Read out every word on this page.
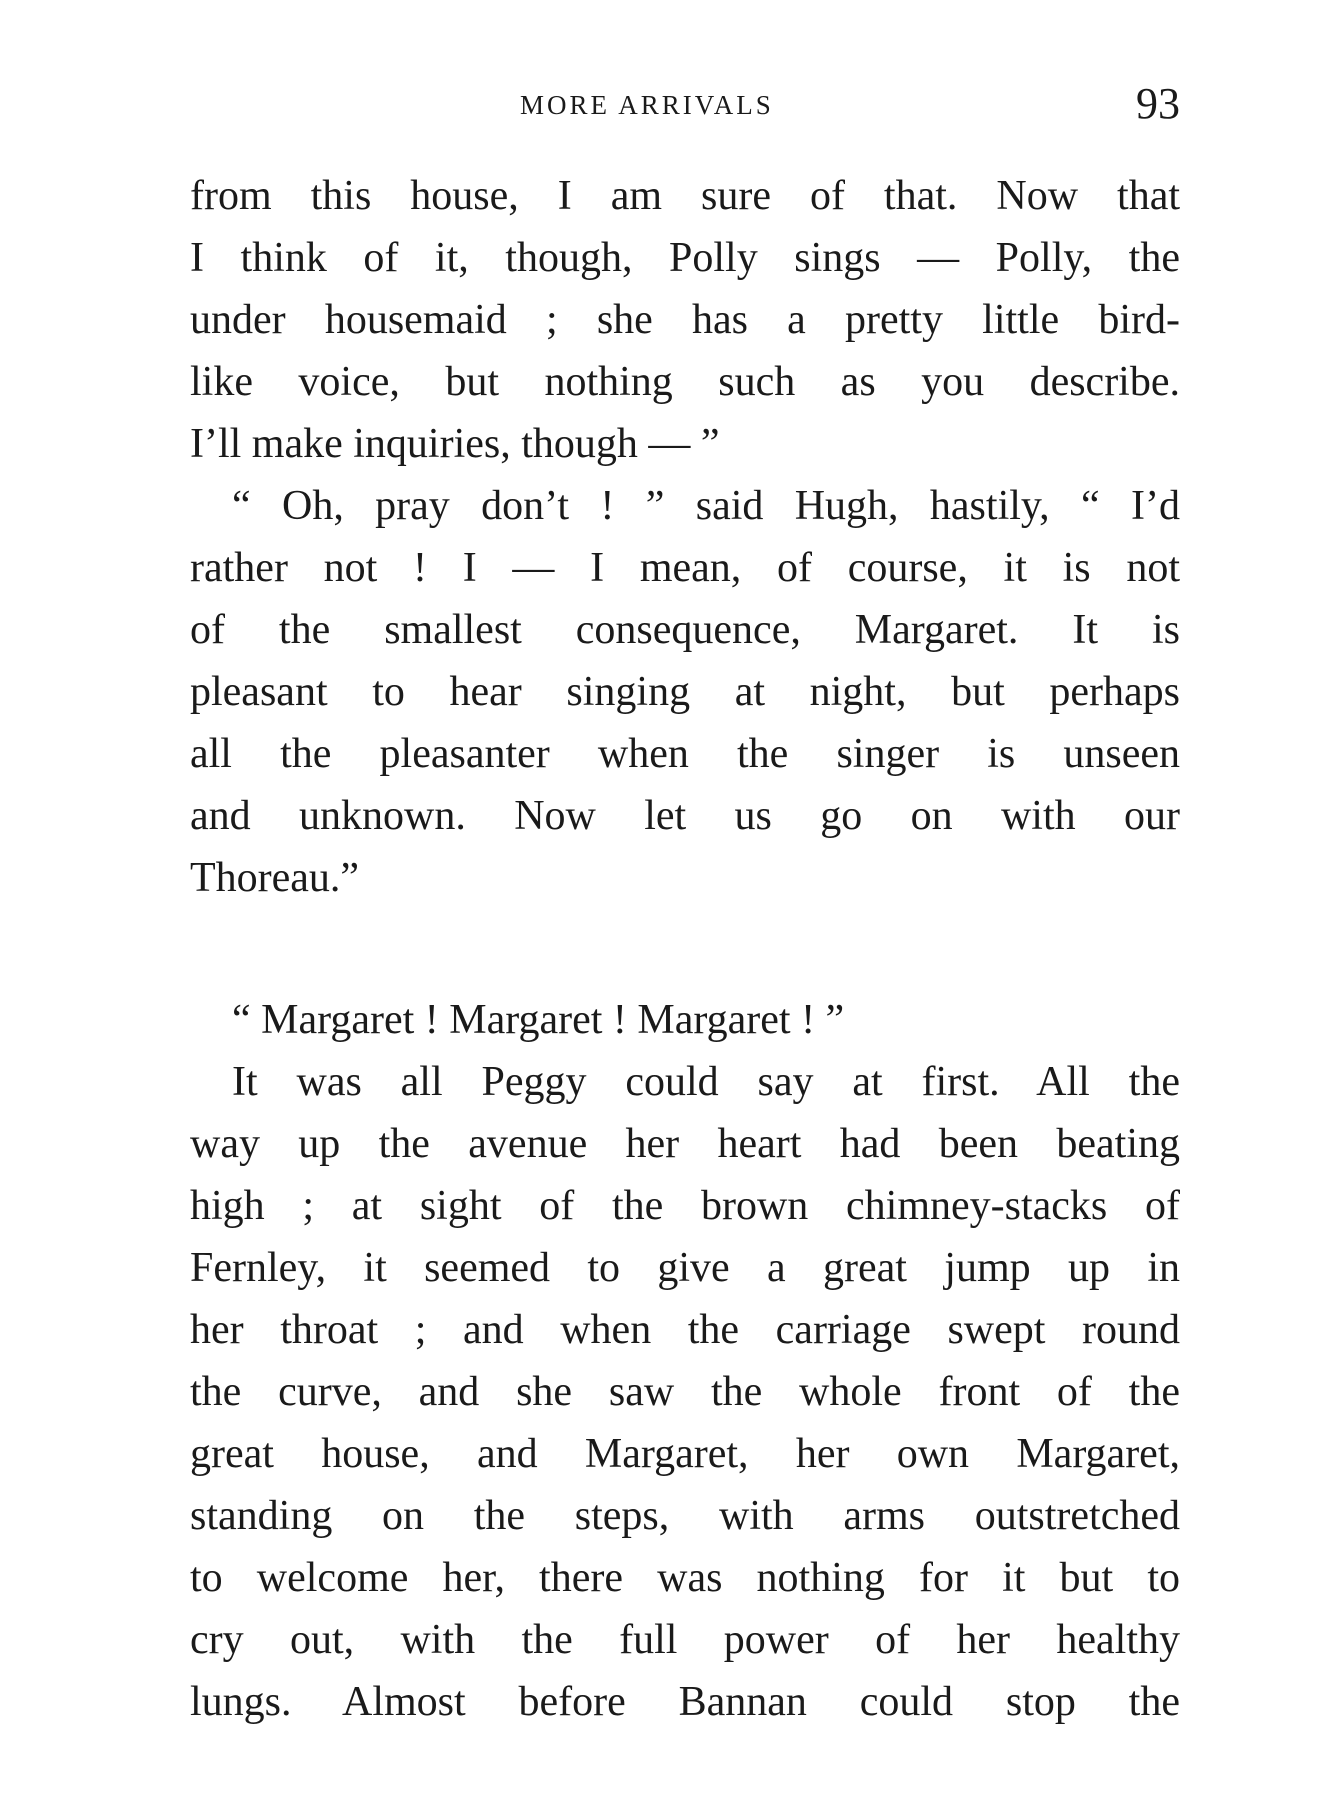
MORE ARRIVALS	93
from this house, I am sure of that. Now that
I think of it, though, Polly sings — Polly, the
under housemaid ; she has a pretty little bird-
like voice, but nothing such as you describe.
I’ll make inquiries, though — ”
“ Oh, pray don’t ! ” said Hugh, hastily, “ I’d
rather not ! I — I mean, of course, it is not
of the smallest consequence, Margaret. It is
pleasant to hear singing at night, but perhaps
all the pleasanter when the singer is unseen
and unknown. Now let us go on with our
Thoreau.”
“ Margaret ! Margaret ! Margaret ! ”
It was all Peggy could say at first. All the
way up the avenue her heart had been beating
high ; at sight of the brown chimney-stacks of
Fernley, it seemed to give a great jump up in
her throat ; and when the carriage swept round
the curve, and she saw the whole front of the
great house, and Margaret, her own Margaret,
standing on the steps, with arms outstretched
to welcome her, there was nothing for it but to
cry out, with the full power of her healthy
lungs. Almost before Bannan could stop the
